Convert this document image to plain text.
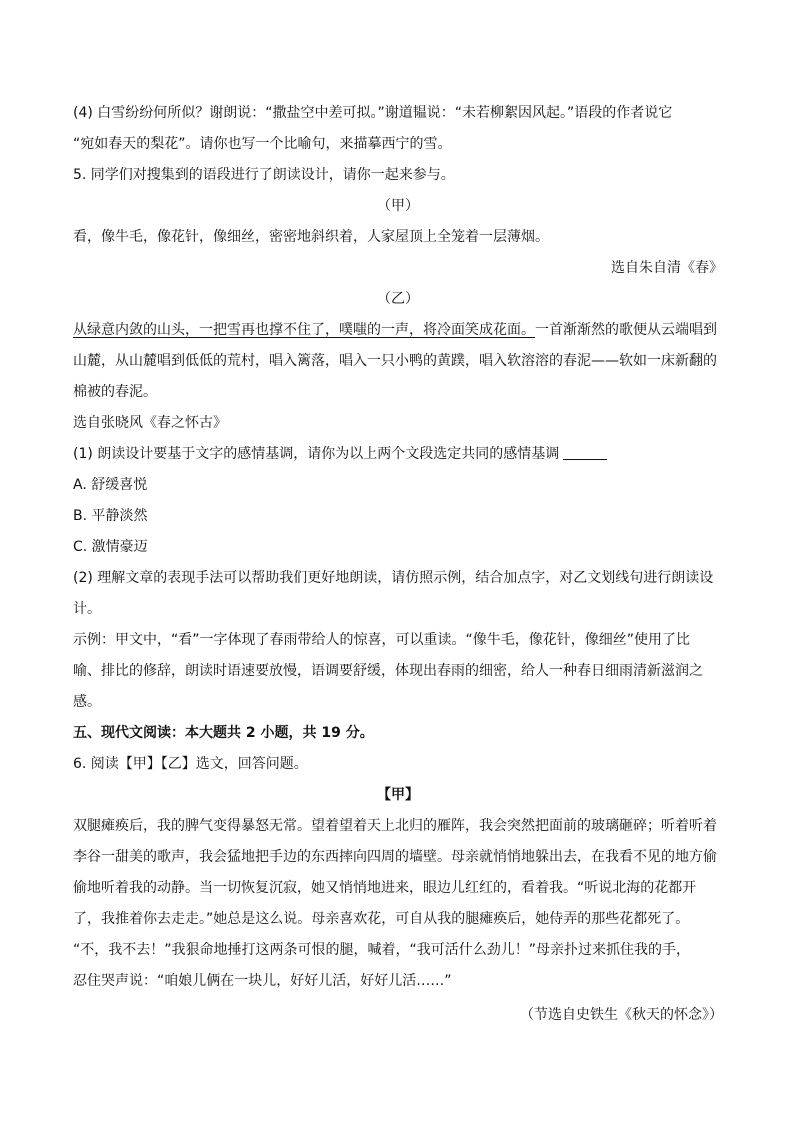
(4) 白雪纷纷何所似？谢朗说：“撒盐空中差可拟。”谢道韫说：“未若柳絮因风起。”语段的作者说它
“宛如春天的梨花”。请你也写一个比喻句，来描摹西宁的雪。
5. 同学们对搜集到的语段进行了朗读设计，请你一起来参与。
（甲）
看，像牛毛，像花针，像细丝，密密地斜织着，人家屋顶上全笼着一层薄烟。
选自朱自清《春》
（乙）
从绿意内敛的山头，一把雪再也撑不住了，噗嗤的一声，将冷面笑成花面。一首渐渐然的歌便从云端唱到
山麓，从山麓唱到低低的荒村，唱入篱落，唱入一只小鸭的黄蹼，唱入软溶溶的春泥——软如一床新翻的
棉被的春泥。
选自张晓风《春之怀古》
(1) 朗读设计要基于文字的感情基调，请你为以上两个文段选定共同的感情基调
A. 舒缓喜悦
B. 平静淡然
C. 激情豪迈
(2) 理解文章的表现手法可以帮助我们更好地朗读，请仿照示例，结合加点字，对乙文划线句进行朗读设
计。
示例：甲文中，“看”一字体现了春雨带给人的惊喜，可以重读。“像牛毛，像花针，像细丝”使用了比
喻、排比的修辞，朗读时语速要放慢，语调要舒缓，体现出春雨的细密，给人一种春日细雨清新滋润之
感。
五、现代文阅读：本大题共 2 小题，共 19 分。
6. 阅读【甲】【乙】选文，回答问题。
【甲】
双腿瘫痪后，我的脾气变得暴怒无常。望着望着天上北归的雁阵，我会突然把面前的玻璃砸碎；听着听着
李谷一甜美的歌声，我会猛地把手边的东西摔向四周的墙壁。母亲就悄悄地躲出去，在我看不见的地方偷
偷地听着我的动静。当一切恢复沉寂，她又悄悄地进来，眼边儿红红的，看着我。“听说北海的花都开
了，我推着你去走走。”她总是这么说。母亲喜欢花，可自从我的腿瘫痪后，她侍弄的那些花都死了。
“不，我不去！”我狠命地捶打这两条可恨的腿，喊着，“我可活什么劲儿！”母亲扑过来抓住我的手，
忍住哭声说：“咱娘儿俩在一块儿，好好儿活，好好儿活……”
（节选自史铁生《秋天的怀念》）
